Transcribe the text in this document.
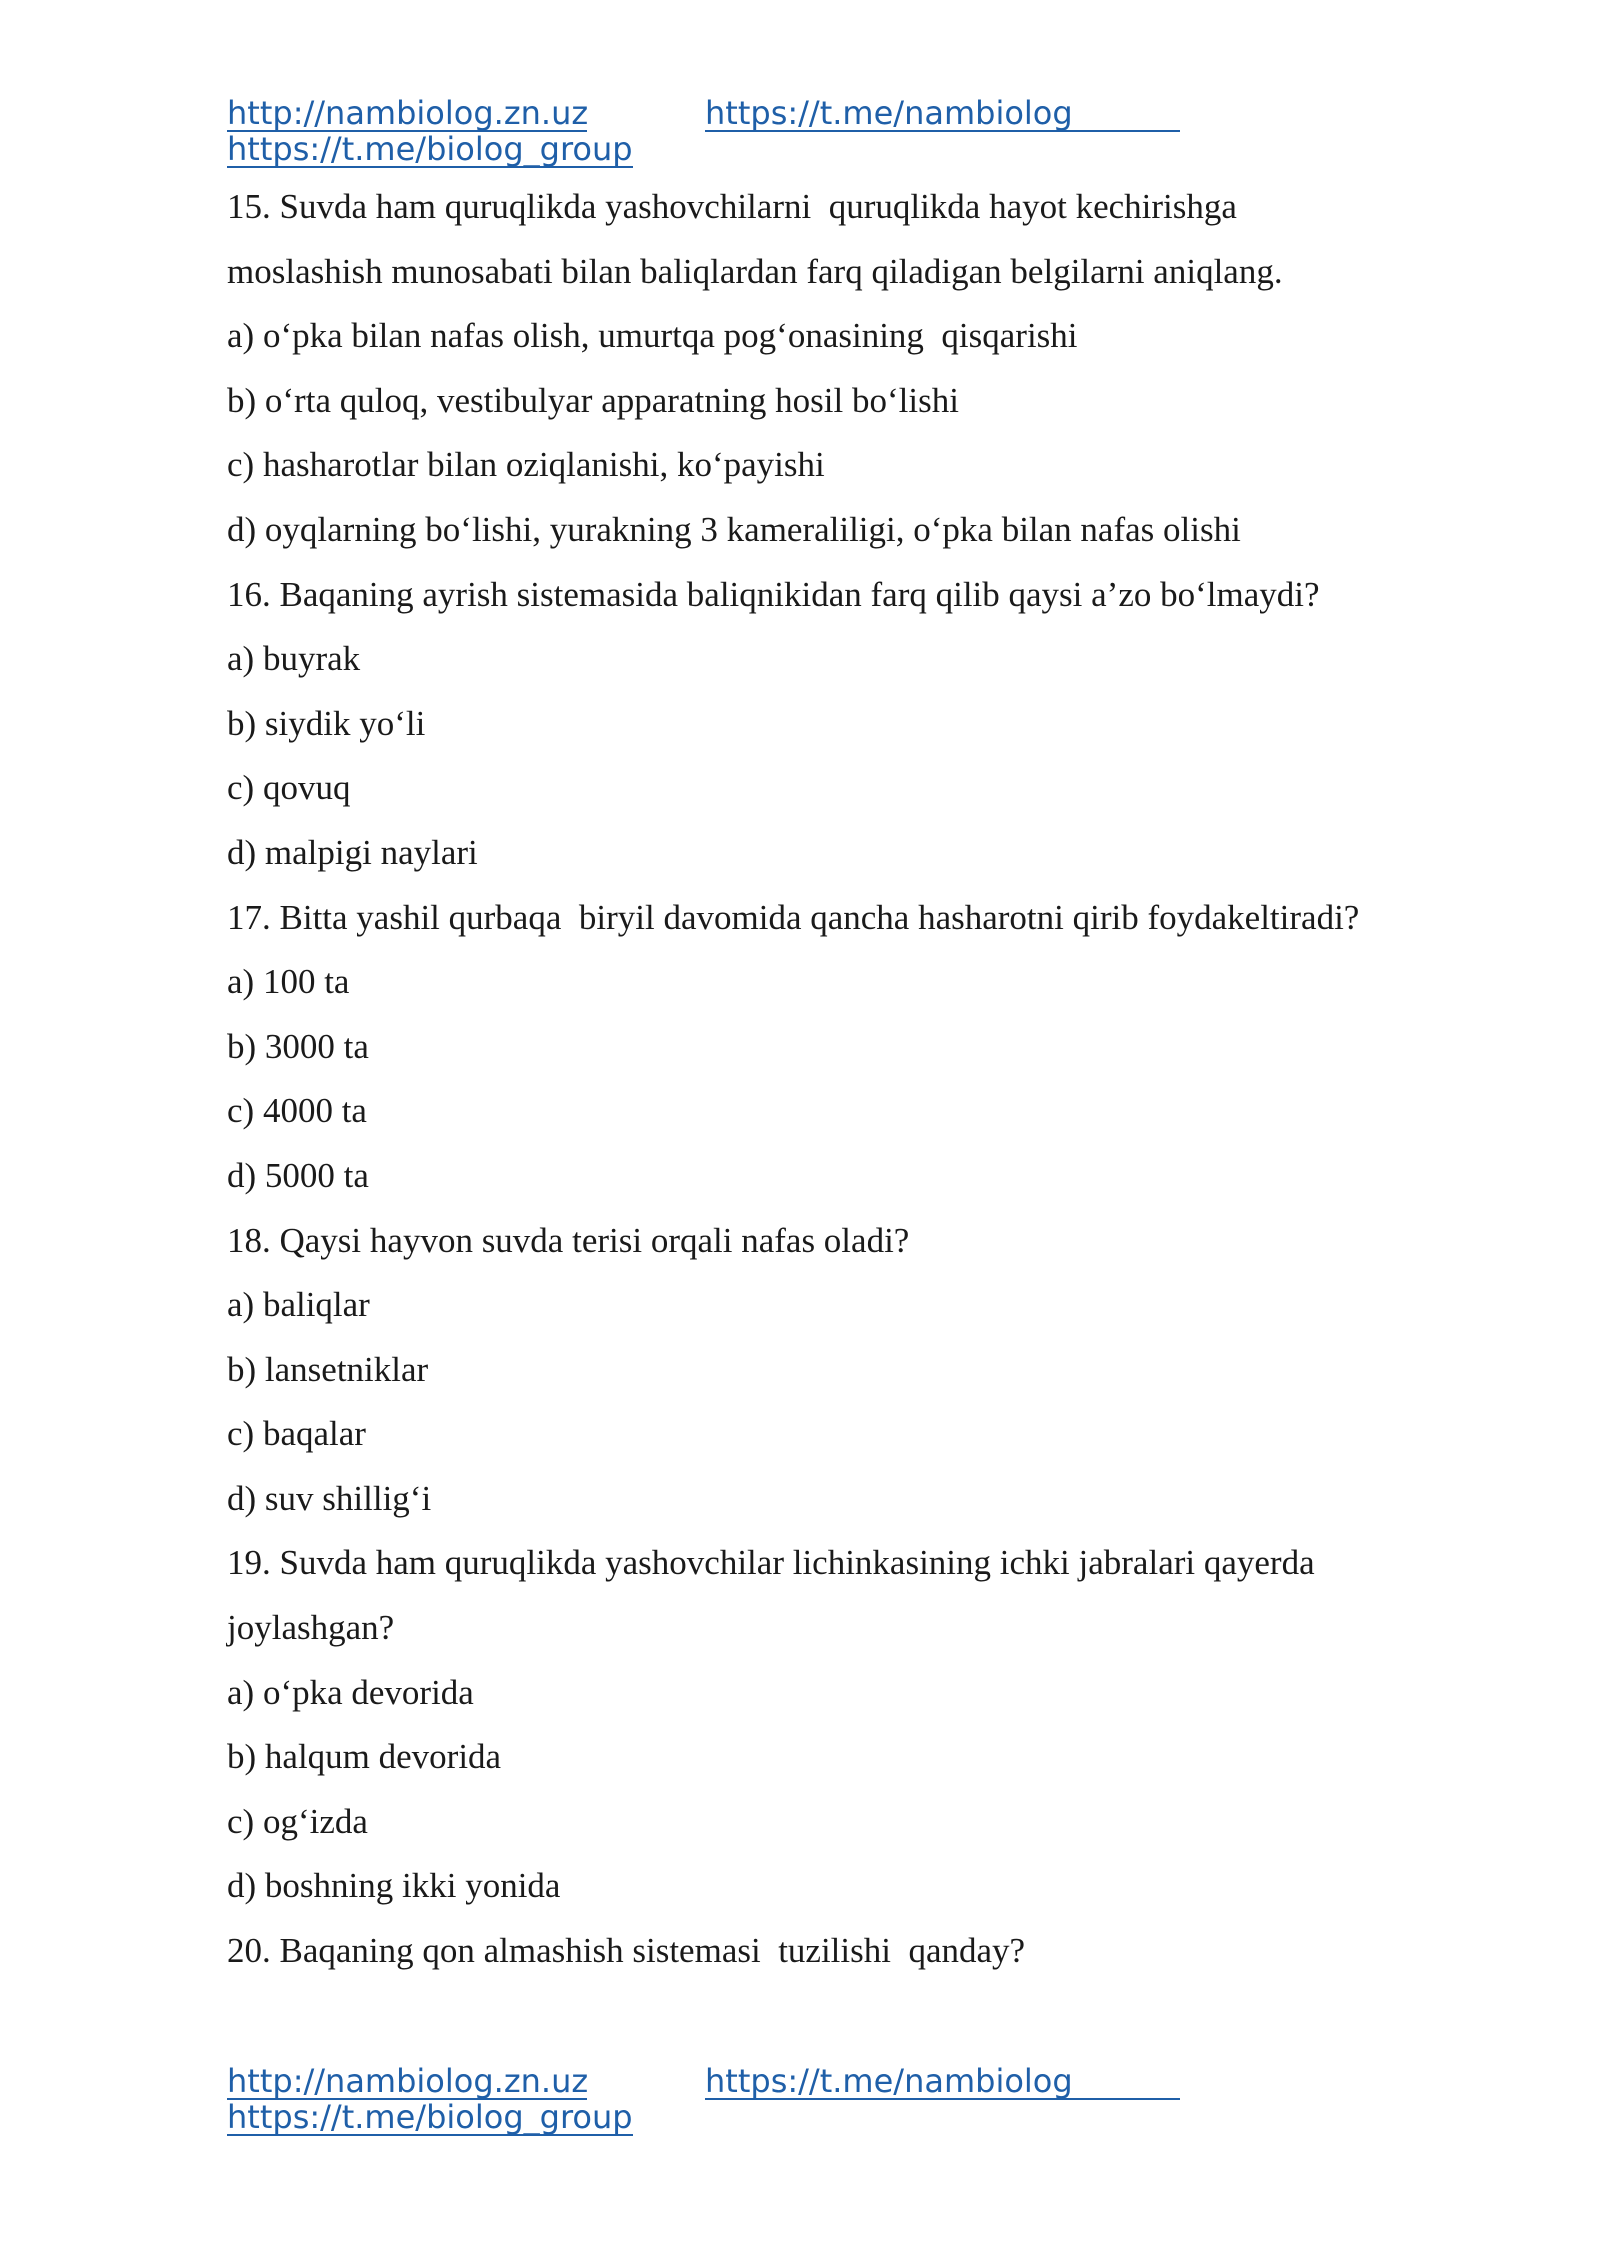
http://nambiolog.zn.uz	https://t.me/nambiolog
https://t.me/biolog_group
15. Suvda ham quruqlikda yashovchilarni  quruqlikda hayot kechirishga
moslashish munosabati bilan baliqlardan farq qiladigan belgilarni aniqlang.
a) o‘pka bilan nafas olish, umurtqa pog‘onasining  qisqarishi
b) o‘rta quloq, vestibulyar apparatning hosil bo‘lishi
c) hasharotlar bilan oziqlanishi, ko‘payishi
d) oyqlarning bo‘lishi, yurakning 3 kameraliligi, o‘pka bilan nafas olishi
16. Baqaning ayrish sistemasida baliqnikidan farq qilib qaysi a’zo bo‘lmaydi?
a) buyrak
b) siydik yo‘li
c) qovuq
d) malpigi naylari
17. Bitta yashil qurbaqa  biryil davomida qancha hasharotni qirib foydakeltiradi?
a) 100 ta
b) 3000 ta
c) 4000 ta
d) 5000 ta
18. Qaysi hayvon suvda terisi orqali nafas oladi?
a) baliqlar
b) lansetniklar
c) baqalar
d) suv shillig‘i
19. Suvda ham quruqlikda yashovchilar lichinkasining ichki jabralari qayerda
joylashgan?
a) o‘pka devorida
b) halqum devorida
c) og‘izda
d) boshning ikki yonida
20. Baqaning qon almashish sistemasi  tuzilishi  qanday?
http://nambiolog.zn.uz	https://t.me/nambiolog
https://t.me/biolog_group
